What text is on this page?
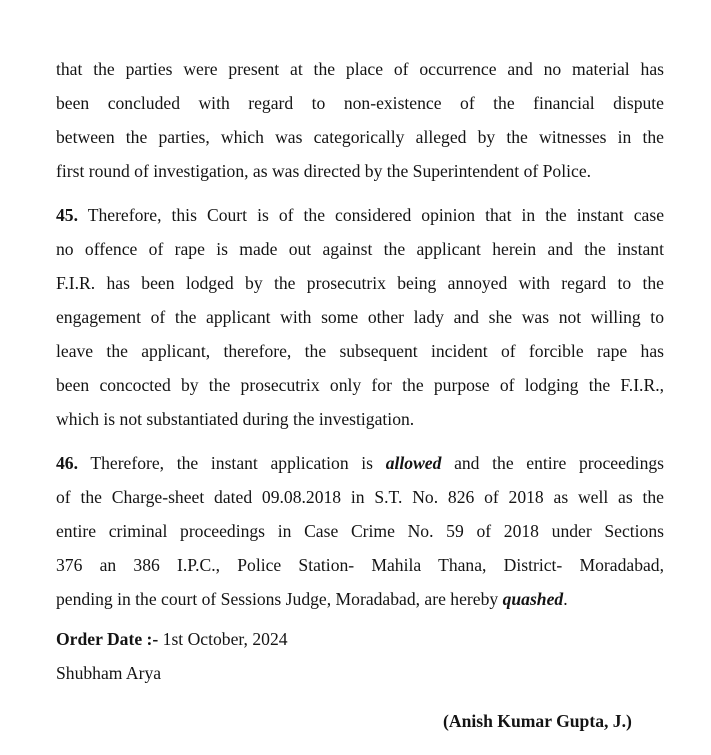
that the parties were present at the place of occurrence and no material has
been concluded with regard to non-existence of the financial dispute
between the parties, which was categorically alleged by the witnesses in the
first round of investigation, as was directed by the Superintendent of Police.

45. Therefore, this Court is of the considered opinion that in the instant case
no offence of rape is made out against the applicant herein and the instant
F.I.R. has been lodged by the prosecutrix being annoyed with regard to the
engagement of the applicant with some other lady and she was not willing to
leave the applicant, therefore, the subsequent incident of forcible rape has
been concocted by the prosecutrix only for the purpose of lodging the F.I.R.,
which is not substantiated during the investigation.

46. Therefore, the instant application is allowed and the entire proceedings
of the Charge-sheet dated 09.08.2018 in S.T. No. 826 of 2018 as well as the
entire criminal proceedings in Case Crime No. 59 of 2018 under Sections
376 an 386 I.P.C., Police Station- Mahila Thana, District- Moradabad,
pending in the court of Sessions Judge, Moradabad, are hereby quashed.

Order Date :- 1st October, 2024

Shubham Arya

(Anish Kumar Gupta, J.)
